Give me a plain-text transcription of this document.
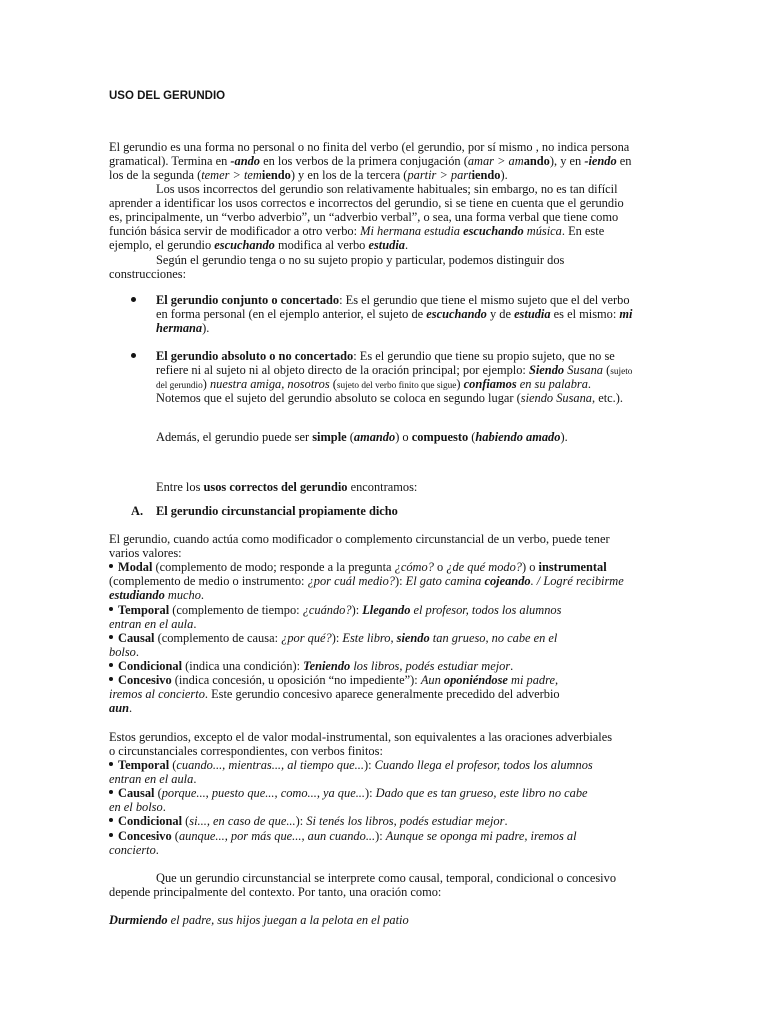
USO DEL GERUNDIO
El gerundio es una forma no personal o no finita del verbo (el gerundio, por sí mismo , no indica persona
gramatical). Termina en -ando en los verbos de la primera conjugación (amar > amando), y en -iendo en
los de la segunda (temer > temiendo) y en los de la tercera (partir > partiendo).
Los usos incorrectos del gerundio son relativamente habituales; sin embargo, no es tan difícil
aprender a identificar los usos correctos e incorrectos del gerundio, si se tiene en cuenta que el gerundio
es, principalmente, un “verbo adverbio”, un “adverbio verbal”, o sea, una forma verbal que tiene como
función básica servir de modificador a otro verbo: Mi hermana estudia escuchando música. En este
ejemplo, el gerundio escuchando modifica al verbo estudia.
Según el gerundio tenga o no su sujeto propio y particular, podemos distinguir dos
construcciones:
El gerundio conjunto o concertado: Es el gerundio que tiene el mismo sujeto que el del verbo
en forma personal (en el ejemplo anterior, el sujeto de escuchando y de estudia es el mismo: mi
hermana).
El gerundio absoluto o no concertado: Es el gerundio que tiene su propio sujeto, que no se
refiere ni al sujeto ni al objeto directo de la oración principal; por ejemplo: Siendo Susana (sujeto
del gerundio) nuestra amiga, nosotros (sujeto del verbo finito que sigue) confiamos en su palabra.
Notemos que el sujeto del gerundio absoluto se coloca en segundo lugar (siendo Susana, etc.).
Además, el gerundio puede ser simple (amando) o compuesto (habiendo amado).
Entre los usos correctos del gerundio encontramos:
A. El gerundio circunstancial propiamente dicho
El gerundio, cuando actúa como modificador o complemento circunstancial de un verbo, puede tener
varios valores:
Modal (complemento de modo; responde a la pregunta ¿cómo? o ¿de qué modo?) o instrumental
(complemento de medio o instrumento: ¿por cuál medio?): El gato camina cojeando. / Logré recibirme
estudiando mucho.
Temporal (complemento de tiempo: ¿cuándo?): Llegando el profesor, todos los alumnos
entran en el aula.
Causal (complemento de causa: ¿por qué?): Este libro, siendo tan grueso, no cabe en el
bolso.
Condicional (indica una condición): Teniendo los libros, podés estudiar mejor.
Concesivo (indica concesión, u oposición “no impediente”): Aun oponiéndose mi padre,
iremos al concierto. Este gerundio concesivo aparece generalmente precedido del adverbio
aun.
Estos gerundios, excepto el de valor modal-instrumental, son equivalentes a las oraciones adverbiales
o circunstanciales correspondientes, con verbos finitos:
Temporal (cuando..., mientras..., al tiempo que...): Cuando llega el profesor, todos los alumnos
entran en el aula.
Causal (porque..., puesto que..., como..., ya que...): Dado que es tan grueso, este libro no cabe
en el bolso.
Condicional (si..., en caso de que...): Si tenés los libros, podés estudiar mejor.
Concesivo (aunque..., por más que..., aun cuando...): Aunque se oponga mi padre, iremos al
concierto.
Que un gerundio circunstancial se interprete como causal, temporal, condicional o concesivo
depende principalmente del contexto. Por tanto, una oración como:
Durmiendo el padre, sus hijos juegan a la pelota en el patio
